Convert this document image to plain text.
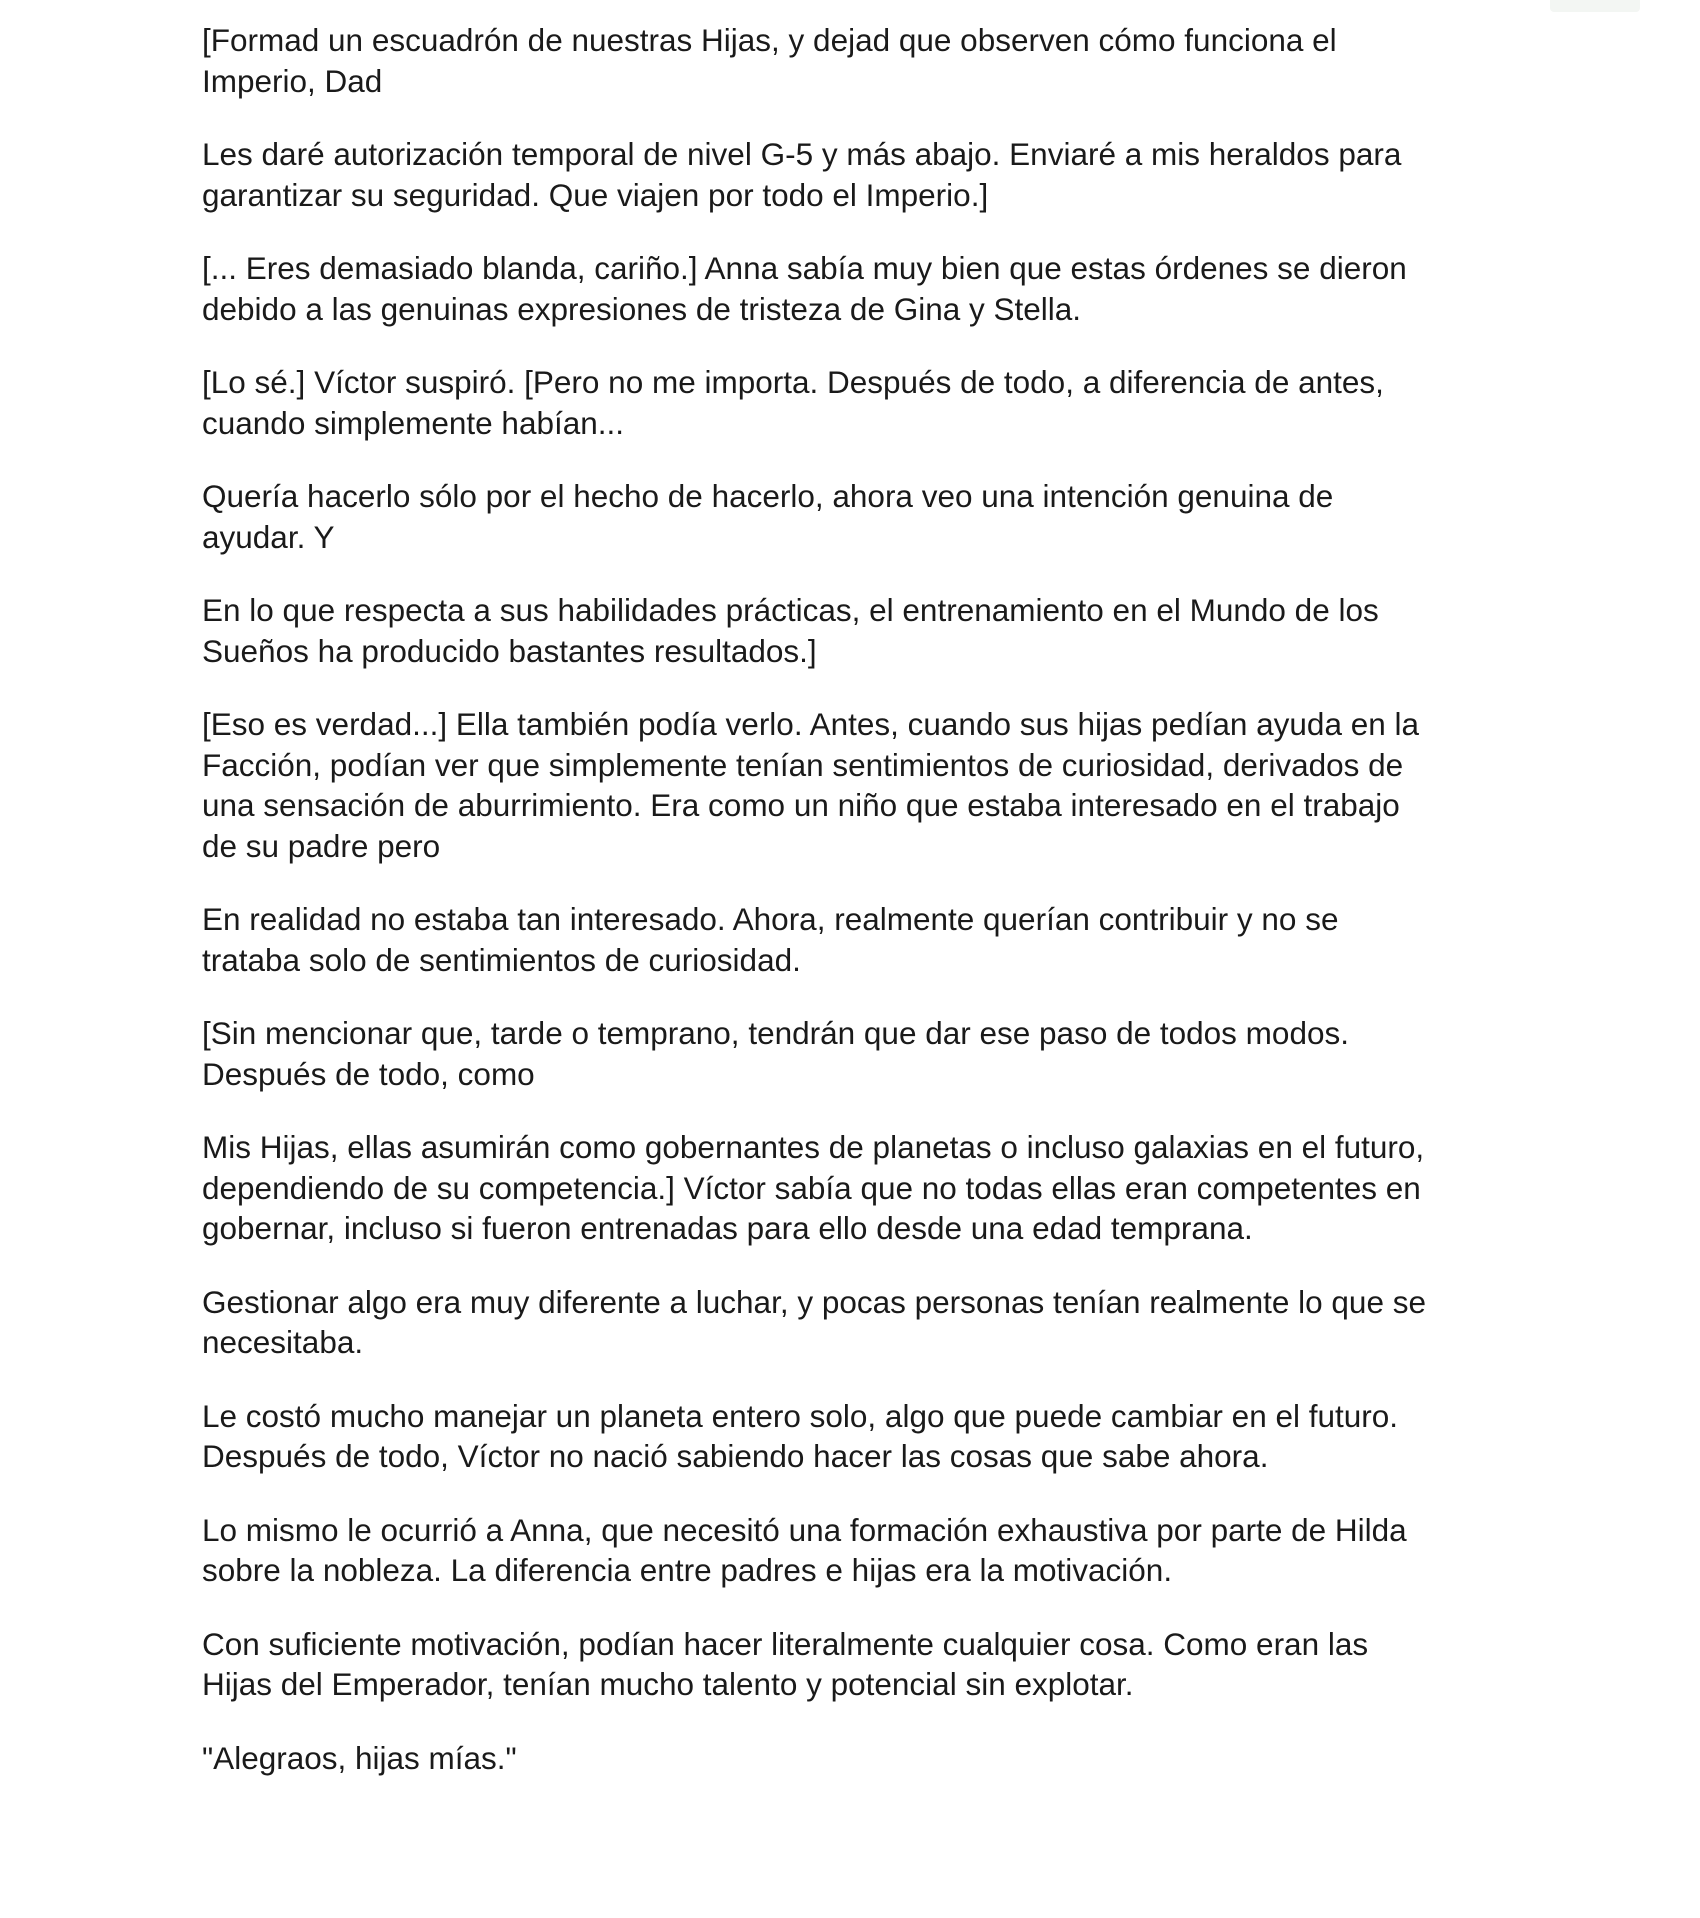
[Formad un escuadrón de nuestras Hijas, y dejad que observen cómo funciona el
Imperio, Dad

Les daré autorización temporal de nivel G-5 y más abajo. Enviaré a mis heraldos para
garantizar su seguridad. Que viajen por todo el Imperio.]

[... Eres demasiado blanda, cariño.] Anna sabía muy bien que estas órdenes se dieron
debido a las genuinas expresiones de tristeza de Gina y Stella.

[Lo sé.] Víctor suspiró. [Pero no me importa. Después de todo, a diferencia de antes,
cuando simplemente habían...

Quería hacerlo sólo por el hecho de hacerlo, ahora veo una intención genuina de
ayudar. Y

En lo que respecta a sus habilidades prácticas, el entrenamiento en el Mundo de los
Sueños ha producido bastantes resultados.]

[Eso es verdad...] Ella también podía verlo. Antes, cuando sus hijas pedían ayuda en la
Facción, podían ver que simplemente tenían sentimientos de curiosidad, derivados de
una sensación de aburrimiento. Era como un niño que estaba interesado en el trabajo
de su padre pero

En realidad no estaba tan interesado. Ahora, realmente querían contribuir y no se
trataba solo de sentimientos de curiosidad.

[Sin mencionar que, tarde o temprano, tendrán que dar ese paso de todos modos.
Después de todo, como

Mis Hijas, ellas asumirán como gobernantes de planetas o incluso galaxias en el futuro,
dependiendo de su competencia.] Víctor sabía que no todas ellas eran competentes en
gobernar, incluso si fueron entrenadas para ello desde una edad temprana.

Gestionar algo era muy diferente a luchar, y pocas personas tenían realmente lo que se
necesitaba.

Le costó mucho manejar un planeta entero solo, algo que puede cambiar en el futuro.
Después de todo, Víctor no nació sabiendo hacer las cosas que sabe ahora.

Lo mismo le ocurrió a Anna, que necesitó una formación exhaustiva por parte de Hilda
sobre la nobleza. La diferencia entre padres e hijas era la motivación.

Con suficiente motivación, podían hacer literalmente cualquier cosa. Como eran las
Hijas del Emperador, tenían mucho talento y potencial sin explotar.

"Alegraos, hijas mías."
